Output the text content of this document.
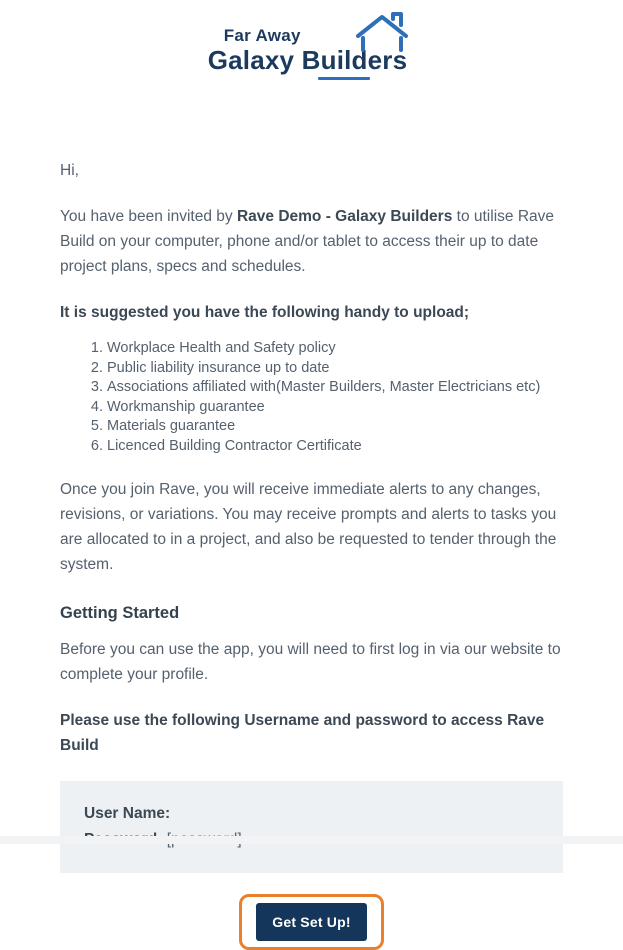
Far Away
Galaxy Builders

Hi,

You have been invited by Rave Demo - Galaxy Builders to utilise Rave Build on your computer, phone and/or tablet to access their up to date project plans, specs and schedules.

It is suggested you have the following handy to upload;

1. Workplace Health and Safety policy
2. Public liability insurance up to date
3. Associations affiliated with(Master Builders, Master Electricians etc)
4. Workmanship guarantee
5. Materials guarantee
6. Licenced Building Contractor Certificate

Once you join Rave, you will receive immediate alerts to any changes, revisions, or variations. You may receive prompts and alerts to tasks you are allocated to in a project, and also be requested to tender through the system.

Getting Started

Before you can use the app, you will need to first log in via our website to complete your profile.

Please use the following Username and password to access Rave Build

User Name:

Get Set Up!
